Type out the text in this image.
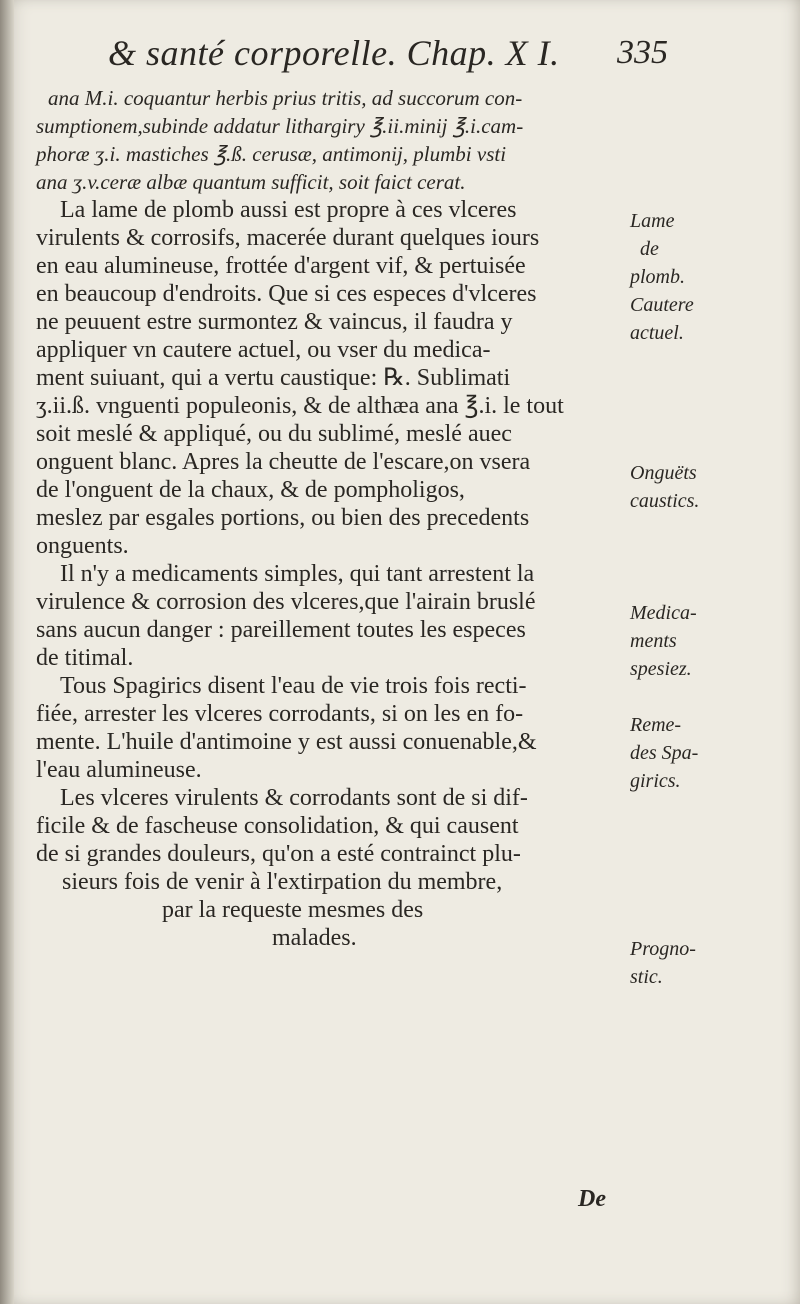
& santé corporelle. Chap. X I. 335
ana M.i. coquantur herbis prius tritis, ad succorum con-
sumptionem,subinde addatur lithargiry ℥.ii.minij ℥.i.cam-
phoræ ʒ.i. mastiches ℥.ß. cerusæ, antimonij, plumbi vsti
ana ʒ.v.ceræ albæ quantum sufficit, soit faict cerat.
La lame de plomb aussi est propre à ces vlceres
virulents & corrosifs, macerée durant quelques iours
en eau alumineuse, frottée d'argent vif, & pertuisée
en beaucoup d'endroits. Que si ces especes d'vlceres
ne peuuent estre surmontez & vaincus, il faudra y
appliquer vn cautere actuel, ou vser du medica-
ment suiuant, qui a vertu caustique: ℞. Sublimati
ʒ.ii.ß. vnguenti populeonis, & de althæa ana ℥.i. le tout
soit meslé & appliqué, ou du sublimé, meslé auec
onguent blanc. Apres la cheutte de l'escare,on vsera
de l'onguent de la chaux, & de pompholigos,
meslez par esgales portions, ou bien des precedents
onguents.
Il n'y a medicaments simples, qui tant arrestent la
virulence & corrosion des vlceres,que l'airain bruslé
sans aucun danger : pareillement toutes les especes
de titimal.
Tous Spagirics disent l'eau de vie trois fois recti-
fiée, arrester les vlceres corrodants, si on les en fo-
mente. L'huile d'antimoine y est aussi conuenable,&
l'eau alumineuse.
Les vlceres virulents & corrodants sont de si dif-
ficile & de fascheuse consolidation, & qui causent
de si grandes douleurs, qu'on a esté contrainct plu-
sieurs fois de venir à l'extirpation du membre,
par la requeste mesmes des
malades.
Lame
de
plomb.
Cautere
actuel.
Onguëts
caustics.
Medica-
ments
spesiez.
Reme-
des Spa-
girics.
Progno-
stic.
De
